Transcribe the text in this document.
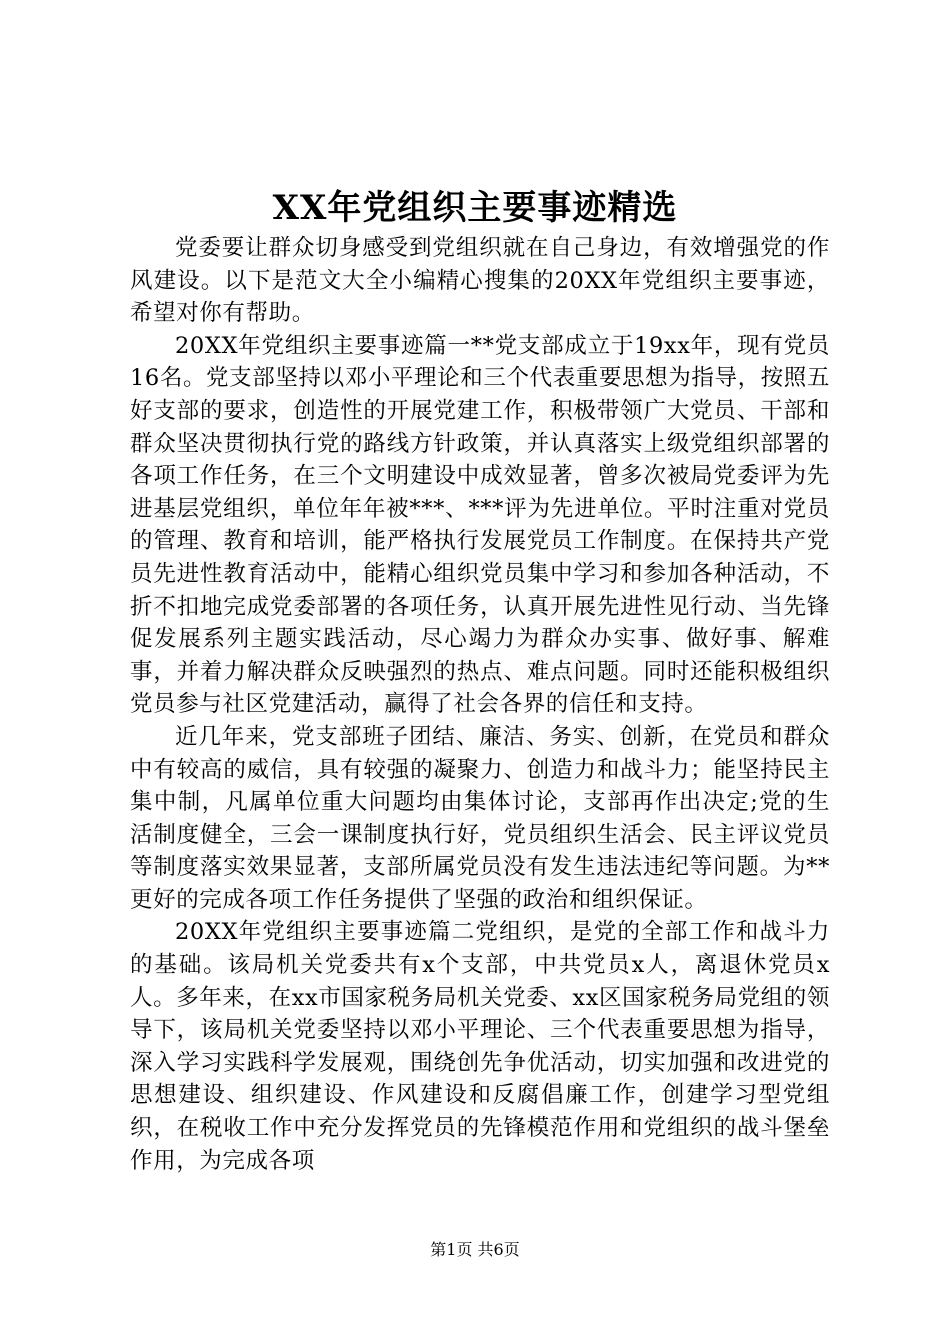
XX年党组织主要事迹精选

党委要让群众切身感受到党组织就在自己身边，有效增强党的作风建设。以下是范文大全小编精心搜集的20XX年党组织主要事迹，希望对你有帮助。

20XX年党组织主要事迹篇一**党支部成立于19xx年，现有党员16名。党支部坚持以邓小平理论和三个代表重要思想为指导，按照五好支部的要求，创造性的开展党建工作，积极带领广大党员、干部和群众坚决贯彻执行党的路线方针政策，并认真落实上级党组织部署的各项工作任务，在三个文明建设中成效显著，曾多次被局党委评为先进基层党组织，单位年年被***、***评为先进单位。平时注重对党员的管理、教育和培训，能严格执行发展党员工作制度。在保持共产党员先进性教育活动中，能精心组织党员集中学习和参加各种活动，不折不扣地完成党委部署的各项任务，认真开展先进性见行动、当先锋促发展系列主题实践活动，尽心竭力为群众办实事、做好事、解难事，并着力解决群众反映强烈的热点、难点问题。同时还能积极组织党员参与社区党建活动，赢得了社会各界的信任和支持。

近几年来，党支部班子团结、廉洁、务实、创新，在党员和群众中有较高的威信，具有较强的凝聚力、创造力和战斗力；能坚持民主集中制，凡属单位重大问题均由集体讨论，支部再作出决定;党的生活制度健全，三会一课制度执行好，党员组织生活会、民主评议党员等制度落实效果显著，支部所属党员没有发生违法违纪等问题。为**更好的完成各项工作任务提供了坚强的政治和组织保证。

20XX年党组织主要事迹篇二党组织，是党的全部工作和战斗力的基础。该局机关党委共有x个支部，中共党员x人，离退休党员x人。多年来，在xx市国家税务局机关党委、xx区国家税务局党组的领导下，该局机关党委坚持以邓小平理论、三个代表重要思想为指导，深入学习实践科学发展观，围绕创先争优活动，切实加强和改进党的思想建设、组织建设、作风建设和反腐倡廉工作，创建学习型党组织，在税收工作中充分发挥党员的先锋模范作用和党组织的战斗堡垒作用，为完成各项

第1页 共6页
